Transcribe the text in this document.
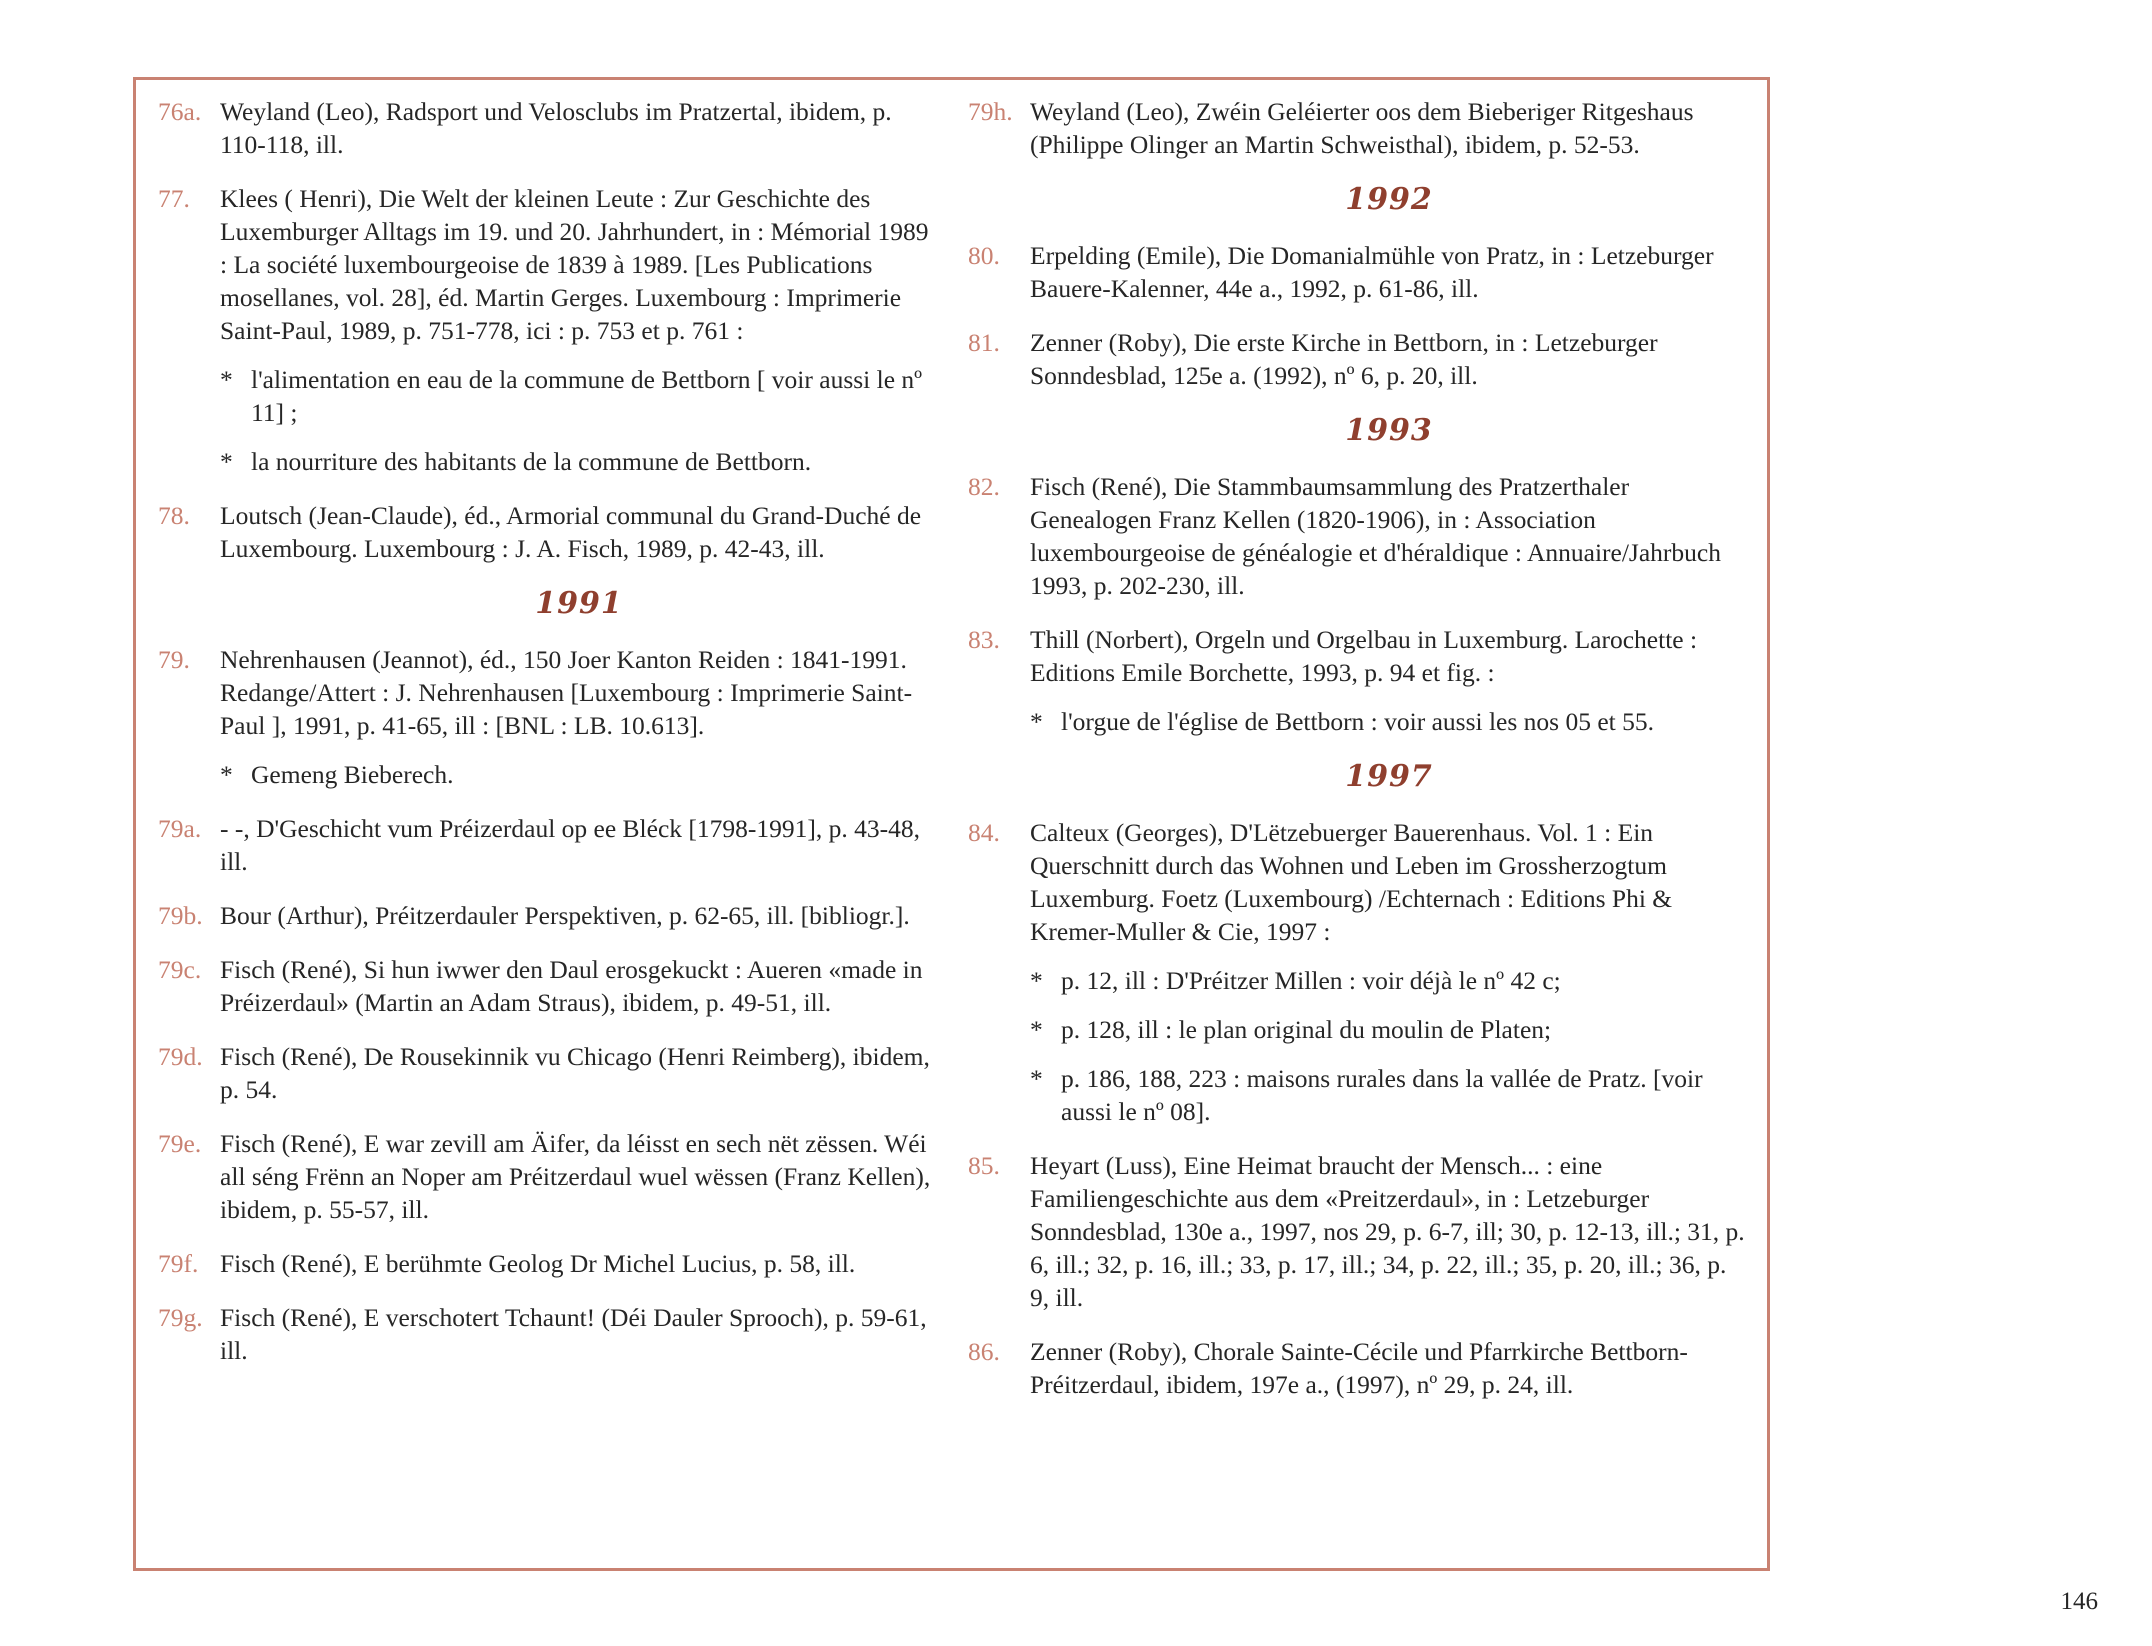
76a. Weyland (Leo), Radsport und Velosclubs im Pratzertal, ibidem, p. 110-118, ill.
77. Klees ( Henri), Die Welt der kleinen Leute : Zur Geschichte des Luxemburger Alltags im 19. und 20. Jahrhundert, in : Mémorial 1989 : La société luxembourgeoise de 1839 à 1989. [Les Publications mosellanes, vol. 28], éd. Martin Gerges. Luxembourg : Imprimerie Saint-Paul, 1989, p. 751-778, ici : p. 753 et p. 761 :
* l'alimentation en eau de la commune de Bettborn [ voir aussi le nº 11] ;
* la nourriture des habitants de la commune de Bettborn.
78. Loutsch (Jean-Claude), éd., Armorial communal du Grand-Duché de Luxembourg. Luxembourg : J. A. Fisch, 1989, p. 42-43, ill.
1991
79. Nehrenhausen (Jeannot), éd., 150 Joer Kanton Reiden : 1841-1991. Redange/Attert : J. Nehrenhausen [Luxembourg : Imprimerie Saint-Paul ], 1991, p. 41-65, ill : [BNL : LB. 10.613].
* Gemeng Bieberech.
79a. - -, D'Geschicht vum Préizerdaul op ee Bléck [1798-1991], p. 43-48, ill.
79b. Bour (Arthur), Préitzerdauler Perspektiven, p. 62-65, ill. [bibliogr.].
79c. Fisch (René), Si hun iwwer den Daul erosgekuckt : Aueren «made in Préizerdaul» (Martin an Adam Straus), ibidem, p. 49-51, ill.
79d. Fisch (René), De Rousekinnik vu Chicago (Henri Reimberg), ibidem, p. 54.
79e. Fisch (René), E war zevill am Äifer, da léisst en sech nët zëssen. Wéi all séng Frënn an Noper am Préitzerdaul wuel wëssen (Franz Kellen), ibidem, p. 55-57, ill.
79f. Fisch (René), E berühmte Geolog Dr Michel Lucius, p. 58, ill.
79g. Fisch (René), E verschotert Tchaunt! (Déi Dauler Sprooch), p. 59-61, ill.
79h. Weyland (Leo), Zwéin Geléierter oos dem Bieberiger Ritgeshaus (Philippe Olinger an Martin Schweisthal), ibidem, p. 52-53.
1992
80. Erpelding (Emile), Die Domanialmühle von Pratz, in : Letzeburger Bauere-Kalenner, 44e a., 1992, p. 61-86, ill.
81. Zenner (Roby), Die erste Kirche in Bettborn, in : Letzeburger Sonndesblad, 125e a. (1992), nº 6, p. 20, ill.
1993
82. Fisch (René), Die Stammbaumsammlung des Pratzerthaler Genealogen Franz Kellen (1820-1906), in : Association luxembourgeoise de généalogie et d'héraldique : Annuaire/Jahrbuch 1993, p. 202-230, ill.
83. Thill (Norbert), Orgeln und Orgelbau in Luxemburg. Larochette : Editions Emile Borchette, 1993, p. 94 et fig. :
* l'orgue de l'église de Bettborn : voir aussi les nos 05 et 55.
1997
84. Calteux (Georges), D'Lëtzebuerger Bauerenhaus. Vol. 1 : Ein Querschnitt durch das Wohnen und Leben im Grossherzogtum Luxemburg. Foetz (Luxembourg) /Echternach : Editions Phi & Kremer-Muller & Cie, 1997 :
* p. 12, ill : D'Préitzer Millen : voir déjà le nº 42 c;
* p. 128, ill : le plan original du moulin de Platen;
* p. 186, 188, 223 : maisons rurales dans la vallée de Pratz. [voir aussi le nº 08].
85. Heyart (Luss), Eine Heimat braucht der Mensch... : eine Familiengeschichte aus dem «Preitzerdaul», in : Letzeburger Sonndesblad, 130e a., 1997, nos 29, p. 6-7, ill; 30, p. 12-13, ill.; 31, p. 6, ill.; 32, p. 16, ill.; 33, p. 17, ill.; 34, p. 22, ill.; 35, p. 20, ill.; 36, p. 9, ill.
86. Zenner (Roby), Chorale Sainte-Cécile und Pfarrkirche Bettborn-Préitzerdaul, ibidem, 197e a., (1997), nº 29, p. 24, ill.
146
